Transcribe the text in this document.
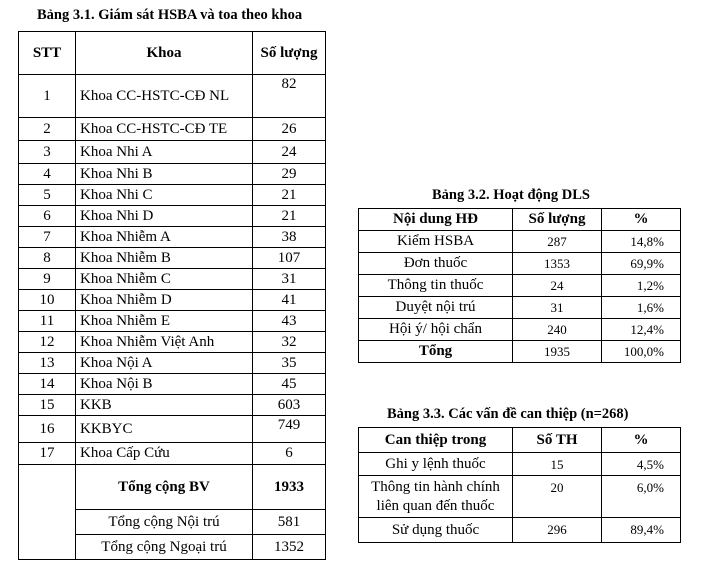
Bảng 3.1. Giám sát HSBA và toa theo khoa
STT	Khoa	Số lượng
1	Khoa CC-HSTC-CĐ NL	82
2	Khoa CC-HSTC-CĐ TE	26
3	Khoa Nhi A	24
4	Khoa Nhi B	29
5	Khoa Nhi C	21
6	Khoa Nhi D	21
7	Khoa Nhiễm A	38
8	Khoa Nhiễm B	107
9	Khoa Nhiễm C	31
10	Khoa Nhiễm D	41
11	Khoa Nhiễm E	43
12	Khoa Nhiễm Việt Anh	32
13	Khoa Nội A	35
14	Khoa Nội B	45
15	KKB	603
16	KKBYC	749
17	Khoa Cấp Cứu	6
	Tổng cộng BV	1933
	Tổng cộng Nội trú	581
	Tổng cộng Ngoại trú	1352
Bảng 3.2. Hoạt động DLS
Nội dung HĐ	Số lượng	%
Kiểm HSBA	287	14,8%
Đơn thuốc	1353	69,9%
Thông tin thuốc	24	1,2%
Duyệt nội trú	31	1,6%
Hội ý/ hội chẩn	240	12,4%
Tổng	1935	100,0%
Bảng 3.3. Các vấn đề can thiệp (n=268)
Can thiệp trong	Số TH	%
Ghi y lệnh thuốc	15	4,5%
Thông tin hành chính liên quan đến thuốc	20	6,0%
Sử dụng thuốc	296	89,4%
